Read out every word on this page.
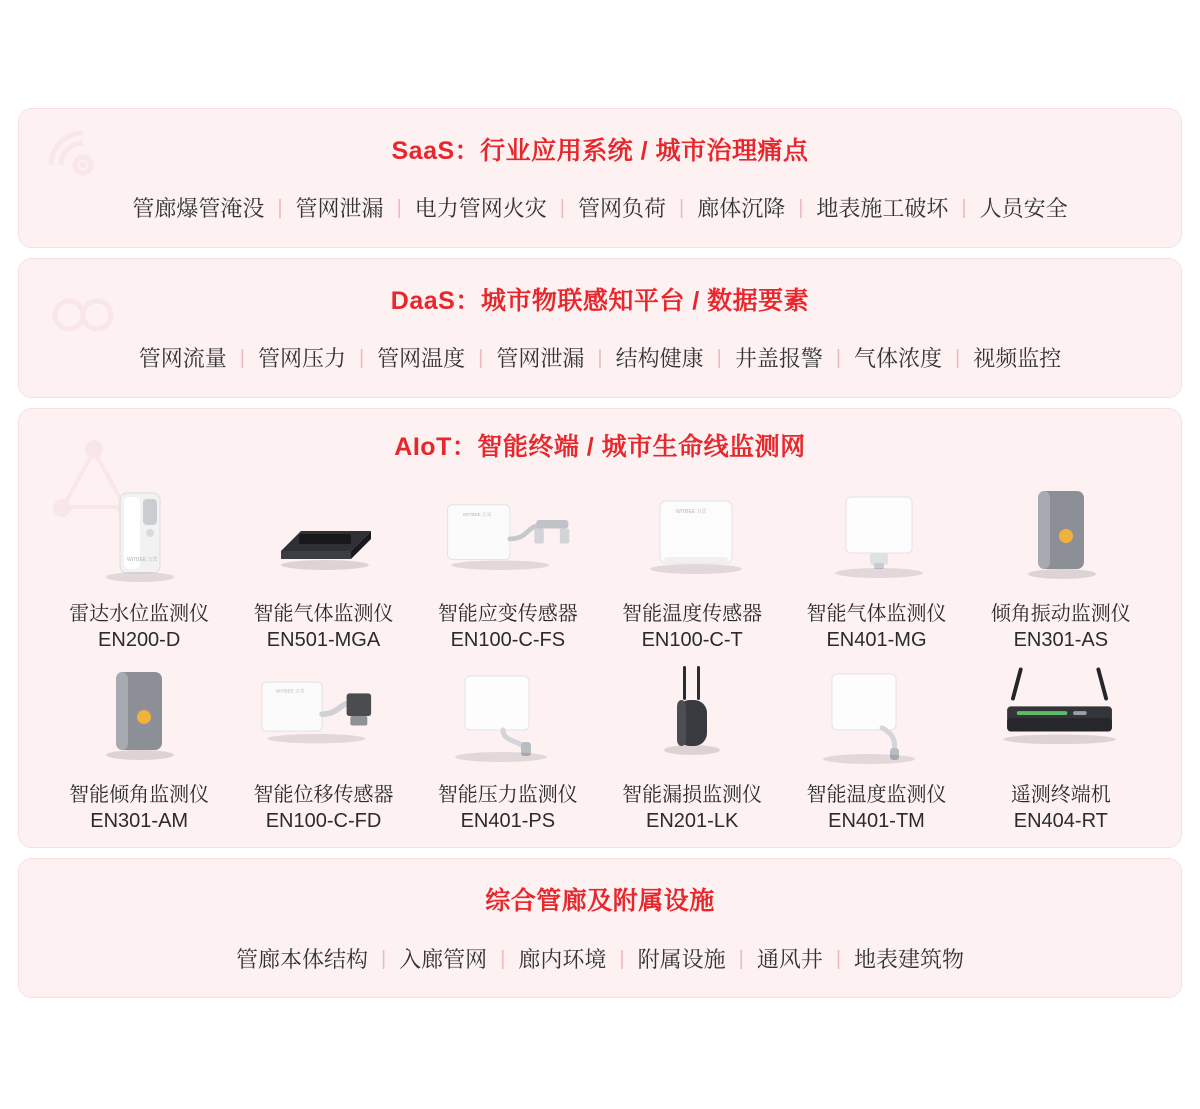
SaaS：行业应用系统 / 城市治理痛点
管廊爆管淹没 | 管网泄漏 | 电力管网火灾 | 管网负荷 | 廊体沉降 | 地表施工破坏 | 人员安全
DaaS：城市物联感知平台 / 数据要素
管网流量 | 管网压力 | 管网温度 | 管网泄漏 | 结构健康 | 井盖报警 | 气体浓度 | 视频监控
AIoT：智能终端 / 城市生命线监测网
WITBEE 万宾
雷达水位监测仪
EN200-D
智能气体监测仪
EN501-MGA
WITBEE 万宾
智能应变传感器
EN100-C-FS
WITBEE 万宾
智能温度传感器
EN100-C-T
智能气体监测仪
EN401-MG
倾角振动监测仪
EN301-AS
智能倾角监测仪
EN301-AM
WITBEE 万宾
智能位移传感器
EN100-C-FD
智能压力监测仪
EN401-PS
智能漏损监测仪
EN201-LK
智能温度监测仪
EN401-TM
遥测终端机
EN404-RT
综合管廊及附属设施
管廊本体结构 | 入廊管网 | 廊内环境 | 附属设施 | 通风井 | 地表建筑物
